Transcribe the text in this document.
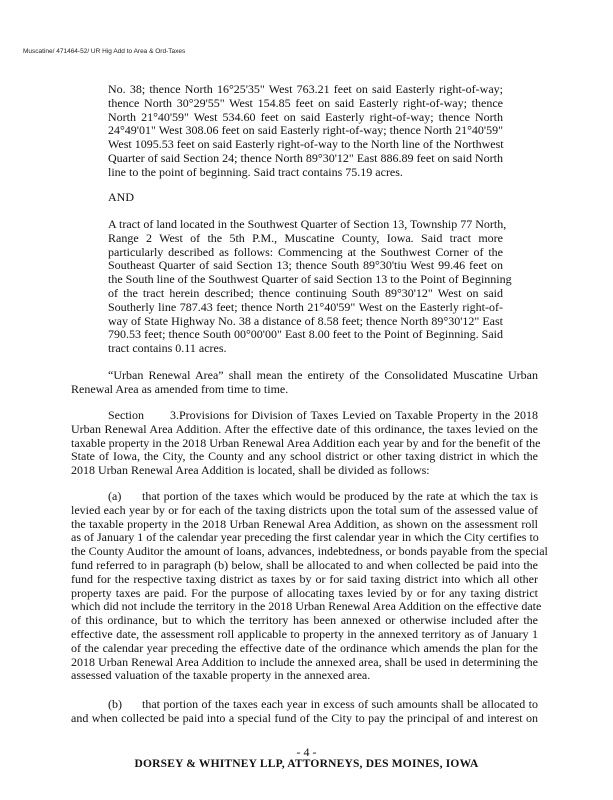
Muscatine/ 471464-52/ UR Hig Add to Area & Ord-Taxes
No. 38; thence North 16°25'35" West 763.21 feet on said Easterly right-of-way;
thence North 30°29'55" West 154.85 feet on said Easterly right-of-way; thence
North 21°40'59" West 534.60 feet on said Easterly right-of-way; thence North
24°49'01" West 308.06 feet on said Easterly right-of-way; thence North 21°40'59"
West 1095.53 feet on said Easterly right-of-way to the North line of the Northwest
Quarter of said Section 24; thence North 89°30'12" East 886.89 feet on said North
line to the point of beginning. Said tract contains 75.19 acres.
AND
A tract of land located in the Southwest Quarter of Section 13, Township 77 North,
Range 2 West of the 5th P.M., Muscatine County, Iowa. Said tract more
particularly described as follows: Commencing at the Southwest Corner of the
Southeast Quarter of said Section 13; thence South 89°30'tiu West 99.46 feet on
the South line of the Southwest Quarter of said Section 13 to the Point of Beginning
of the tract herein described; thence continuing South 89°30'12" West on said
Southerly line 787.43 feet; thence North 21°40'59" West on the Easterly right-of-
way of State Highway No. 38 a distance of 8.58 feet; thence North 89°30'12" East
790.53 feet; thence South 00°00'00" East 8.00 feet to the Point of Beginning. Said
tract contains 0.11 acres.
“Urban Renewal Area” shall mean the entirety of the Consolidated Muscatine Urban
Renewal Area as amended from time to time.
Section 3. Provisions for Division of Taxes Levied on Taxable Property in the 2018
Urban Renewal Area Addition. After the effective date of this ordinance, the taxes levied on the
taxable property in the 2018 Urban Renewal Area Addition each year by and for the benefit of the
State of Iowa, the City, the County and any school district or other taxing district in which the
2018 Urban Renewal Area Addition is located, shall be divided as follows:
(a)	that portion of the taxes which would be produced by the rate at which the tax is
levied each year by or for each of the taxing districts upon the total sum of the assessed value of
the taxable property in the 2018 Urban Renewal Area Addition, as shown on the assessment roll
as of January 1 of the calendar year preceding the first calendar year in which the City certifies to
the County Auditor the amount of loans, advances, indebtedness, or bonds payable from the special
fund referred to in paragraph (b) below, shall be allocated to and when collected be paid into the
fund for the respective taxing district as taxes by or for said taxing district into which all other
property taxes are paid. For the purpose of allocating taxes levied by or for any taxing district
which did not include the territory in the 2018 Urban Renewal Area Addition on the effective date
of this ordinance, but to which the territory has been annexed or otherwise included after the
effective date, the assessment roll applicable to property in the annexed territory as of January 1
of the calendar year preceding the effective date of the ordinance which amends the plan for the
2018 Urban Renewal Area Addition to include the annexed area, shall be used in determining the
assessed valuation of the taxable property in the annexed area.
(b)	that portion of the taxes each year in excess of such amounts shall be allocated to
and when collected be paid into a special fund of the City to pay the principal of and interest on
- 4 -
DORSEY & WHITNEY LLP, ATTORNEYS, DES MOINES, IOWA
